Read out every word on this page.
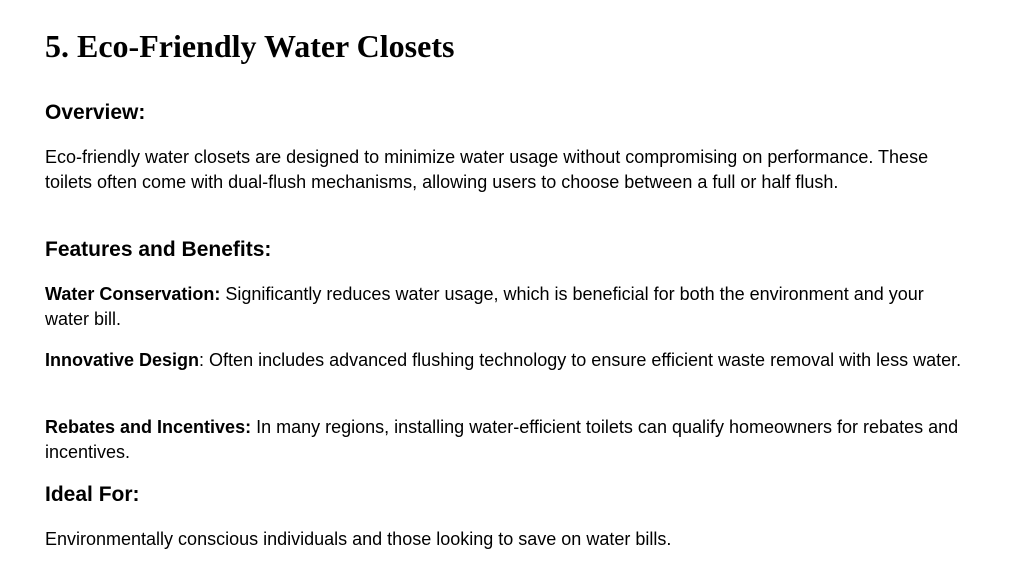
5. Eco-Friendly Water Closets
Overview:

Eco-friendly water closets are designed to minimize water usage without compromising on performance. These toilets often come with dual-flush mechanisms, allowing users to choose between a full or half flush.

Features and Benefits:

Water Conservation: Significantly reduces water usage, which is beneficial for both the environment and your water bill.

Innovative Design: Often includes advanced flushing technology to ensure efficient waste removal with less water.

Rebates and Incentives: In many regions, installing water-efficient toilets can qualify homeowners for rebates and incentives.

Ideal For:

Environmentally conscious individuals and those looking to save on water bills.
